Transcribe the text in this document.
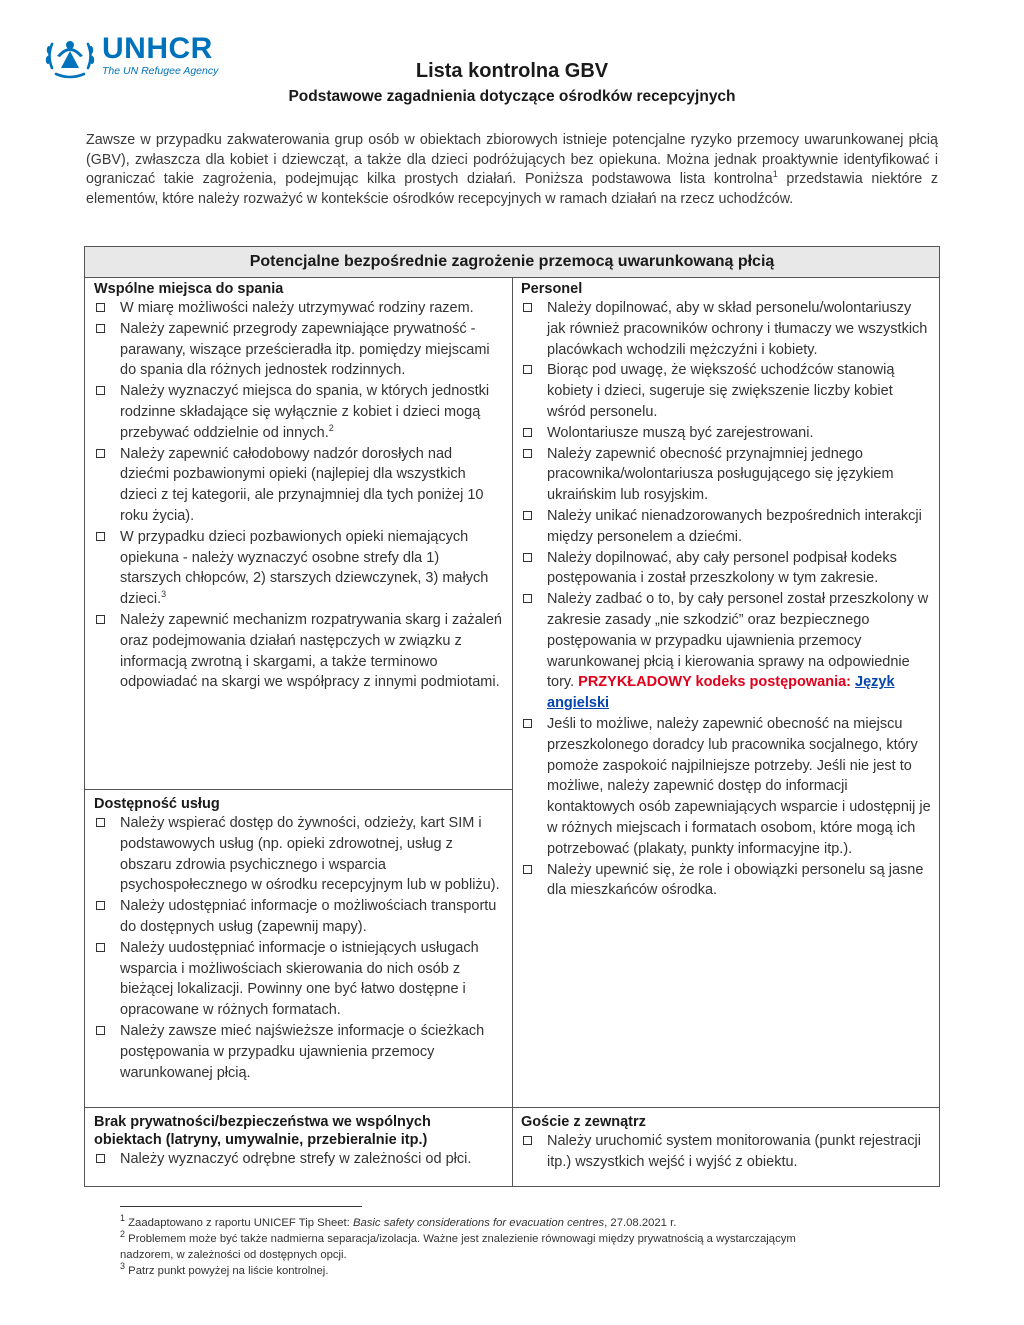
UNHCR
The UN Refugee Agency	Lista kontrolna GBV
Podstawowe zagadnienia dotyczące ośrodków recepcyjnych
Zawsze w przypadku zakwaterowania grup osób w obiektach zbiorowych istnieje potencjalne ryzyko przemocy uwarunkowanej płcią (GBV), zwłaszcza dla kobiet i dziewcząt, a także dla dzieci podróżujących bez opiekuna. Można jednak proaktywnie identyfikować i ograniczać takie zagrożenia, podejmując kilka prostych działań. Poniższa podstawowa lista kontrolna$^1$ przedstawia niektóre z elementów, które należy rozważyć w kontekście ośrodków recepcyjnych w ramach działań na rzecz uchodźców.
Potencjalne bezpośrednie zagrożenie przemocą uwarunkowaną płcią
Wspólne miejsca do spania
W miarę możliwości należy utrzymywać rodziny razem.
Należy zapewnić przegrody zapewniające prywatność - parawany, wiszące prześcieradła itp. pomiędzy miejscami do spania dla różnych jednostek rodzinnych.
Należy wyznaczyć miejsca do spania, w których jednostki rodzinne składające się wyłącznie z kobiet i dzieci mogą przebywać oddzielnie od innych.$^2$
Należy zapewnić całodobowy nadzór dorosłych nad dziećmi pozbawionymi opieki (najlepiej dla wszystkich dzieci z tej kategorii, ale przynajmniej dla tych poniżej 10 roku życia).
W przypadku dzieci pozbawionych opieki niemających opiekuna - należy wyznaczyć osobne strefy dla 1) starszych chłopców, 2) starszych dziewczynek, 3) małych dzieci.$^3$
Należy zapewnić mechanizm rozpatrywania skarg i zażaleń oraz podejmowania działań następczych w związku z informacją zwrotną i skargami, a także terminowo odpowiadać na skargi we współpracy z innymi podmiotami.
Dostępność usług
Należy wspierać dostęp do żywności, odzieży, kart SIM i podstawowych usług (np. opieki zdrowotnej, usług z obszaru zdrowia psychicznego i wsparcia psychospołecznego w ośrodku recepcyjnym lub w pobliżu).
Należy udostępniać informacje o możliwościach transportu do dostępnych usług (zapewnij mapy).
Należy uudostępniać informacje o istniejących usługach wsparcia i możliwościach skierowania do nich osób z bieżącej lokalizacji. Powinny one być łatwo dostępne i opracowane w różnych formatach.
Należy zawsze mieć najświeższe informacje o ścieżkach postępowania w przypadku ujawnienia przemocy warunkowanej płcią.
Brak prywatności/bezpieczeństwa we wspólnych obiektach (latryny, umywalnie, przebieralnie itp.)
Należy wyznaczyć odrębne strefy w zależności od płci.
Personel
Należy dopilnować, aby w skład personelu/wolontariuszy jak również pracowników ochrony i tłumaczy we wszystkich placówkach wchodzili mężczyźni i kobiety.
Biorąc pod uwagę, że większość uchodźców stanowią kobiety i dzieci, sugeruje się zwiększenie liczby kobiet wśród personelu.
Wolontariusze muszą być zarejestrowani.
Należy zapewnić obecność przynajmniej jednego pracownika/wolontariusza posługującego się językiem ukraińskim lub rosyjskim.
Należy unikać nienadzorowanych bezpośrednich interakcji między personelem a dziećmi.
Należy dopilnować, aby cały personel podpisał kodeks postępowania i został przeszkolony w tym zakresie.
Należy zadbać o to, by cały personel został przeszkolony w zakresie zasady „nie szkodzić” oraz bezpiecznego postępowania w przypadku ujawnienia przemocy warunkowanej płcią i kierowania sprawy na odpowiednie tory. PRZYKŁADOWY kodeks postępowania: Język angielski
Jeśli to możliwe, należy zapewnić obecność na miejscu przeszkolonego doradcy lub pracownika socjalnego, który pomoże zaspokoić najpilniejsze potrzeby. Jeśli nie jest to możliwe, należy zapewnić dostęp do informacji kontaktowych osób zapewniających wsparcie i udostępnij je w różnych miejscach i formatach osobom, które mogą ich potrzebować (plakaty, punkty informacyjne itp.).
Należy upewnić się, że role i obowiązki personelu są jasne dla mieszkańców ośrodka.
Goście z zewnątrz
Należy uruchomić system monitorowania (punkt rejestracji itp.) wszystkich wejść i wyjść z obiektu.

$^1$ Zaadaptowano z raportu UNICEF Tip Sheet: Basic safety considerations for evacuation centres, 27.08.2021 r.

$^2$ Problemem może być także nadmierna separacja/izolacja. Ważne jest znalezienie równowagi między prywatnością a wystarczającym nadzorem, w zależności od dostępnych opcji.

$^3$ Patrz punkt powyżej na liście kontrolnej.
